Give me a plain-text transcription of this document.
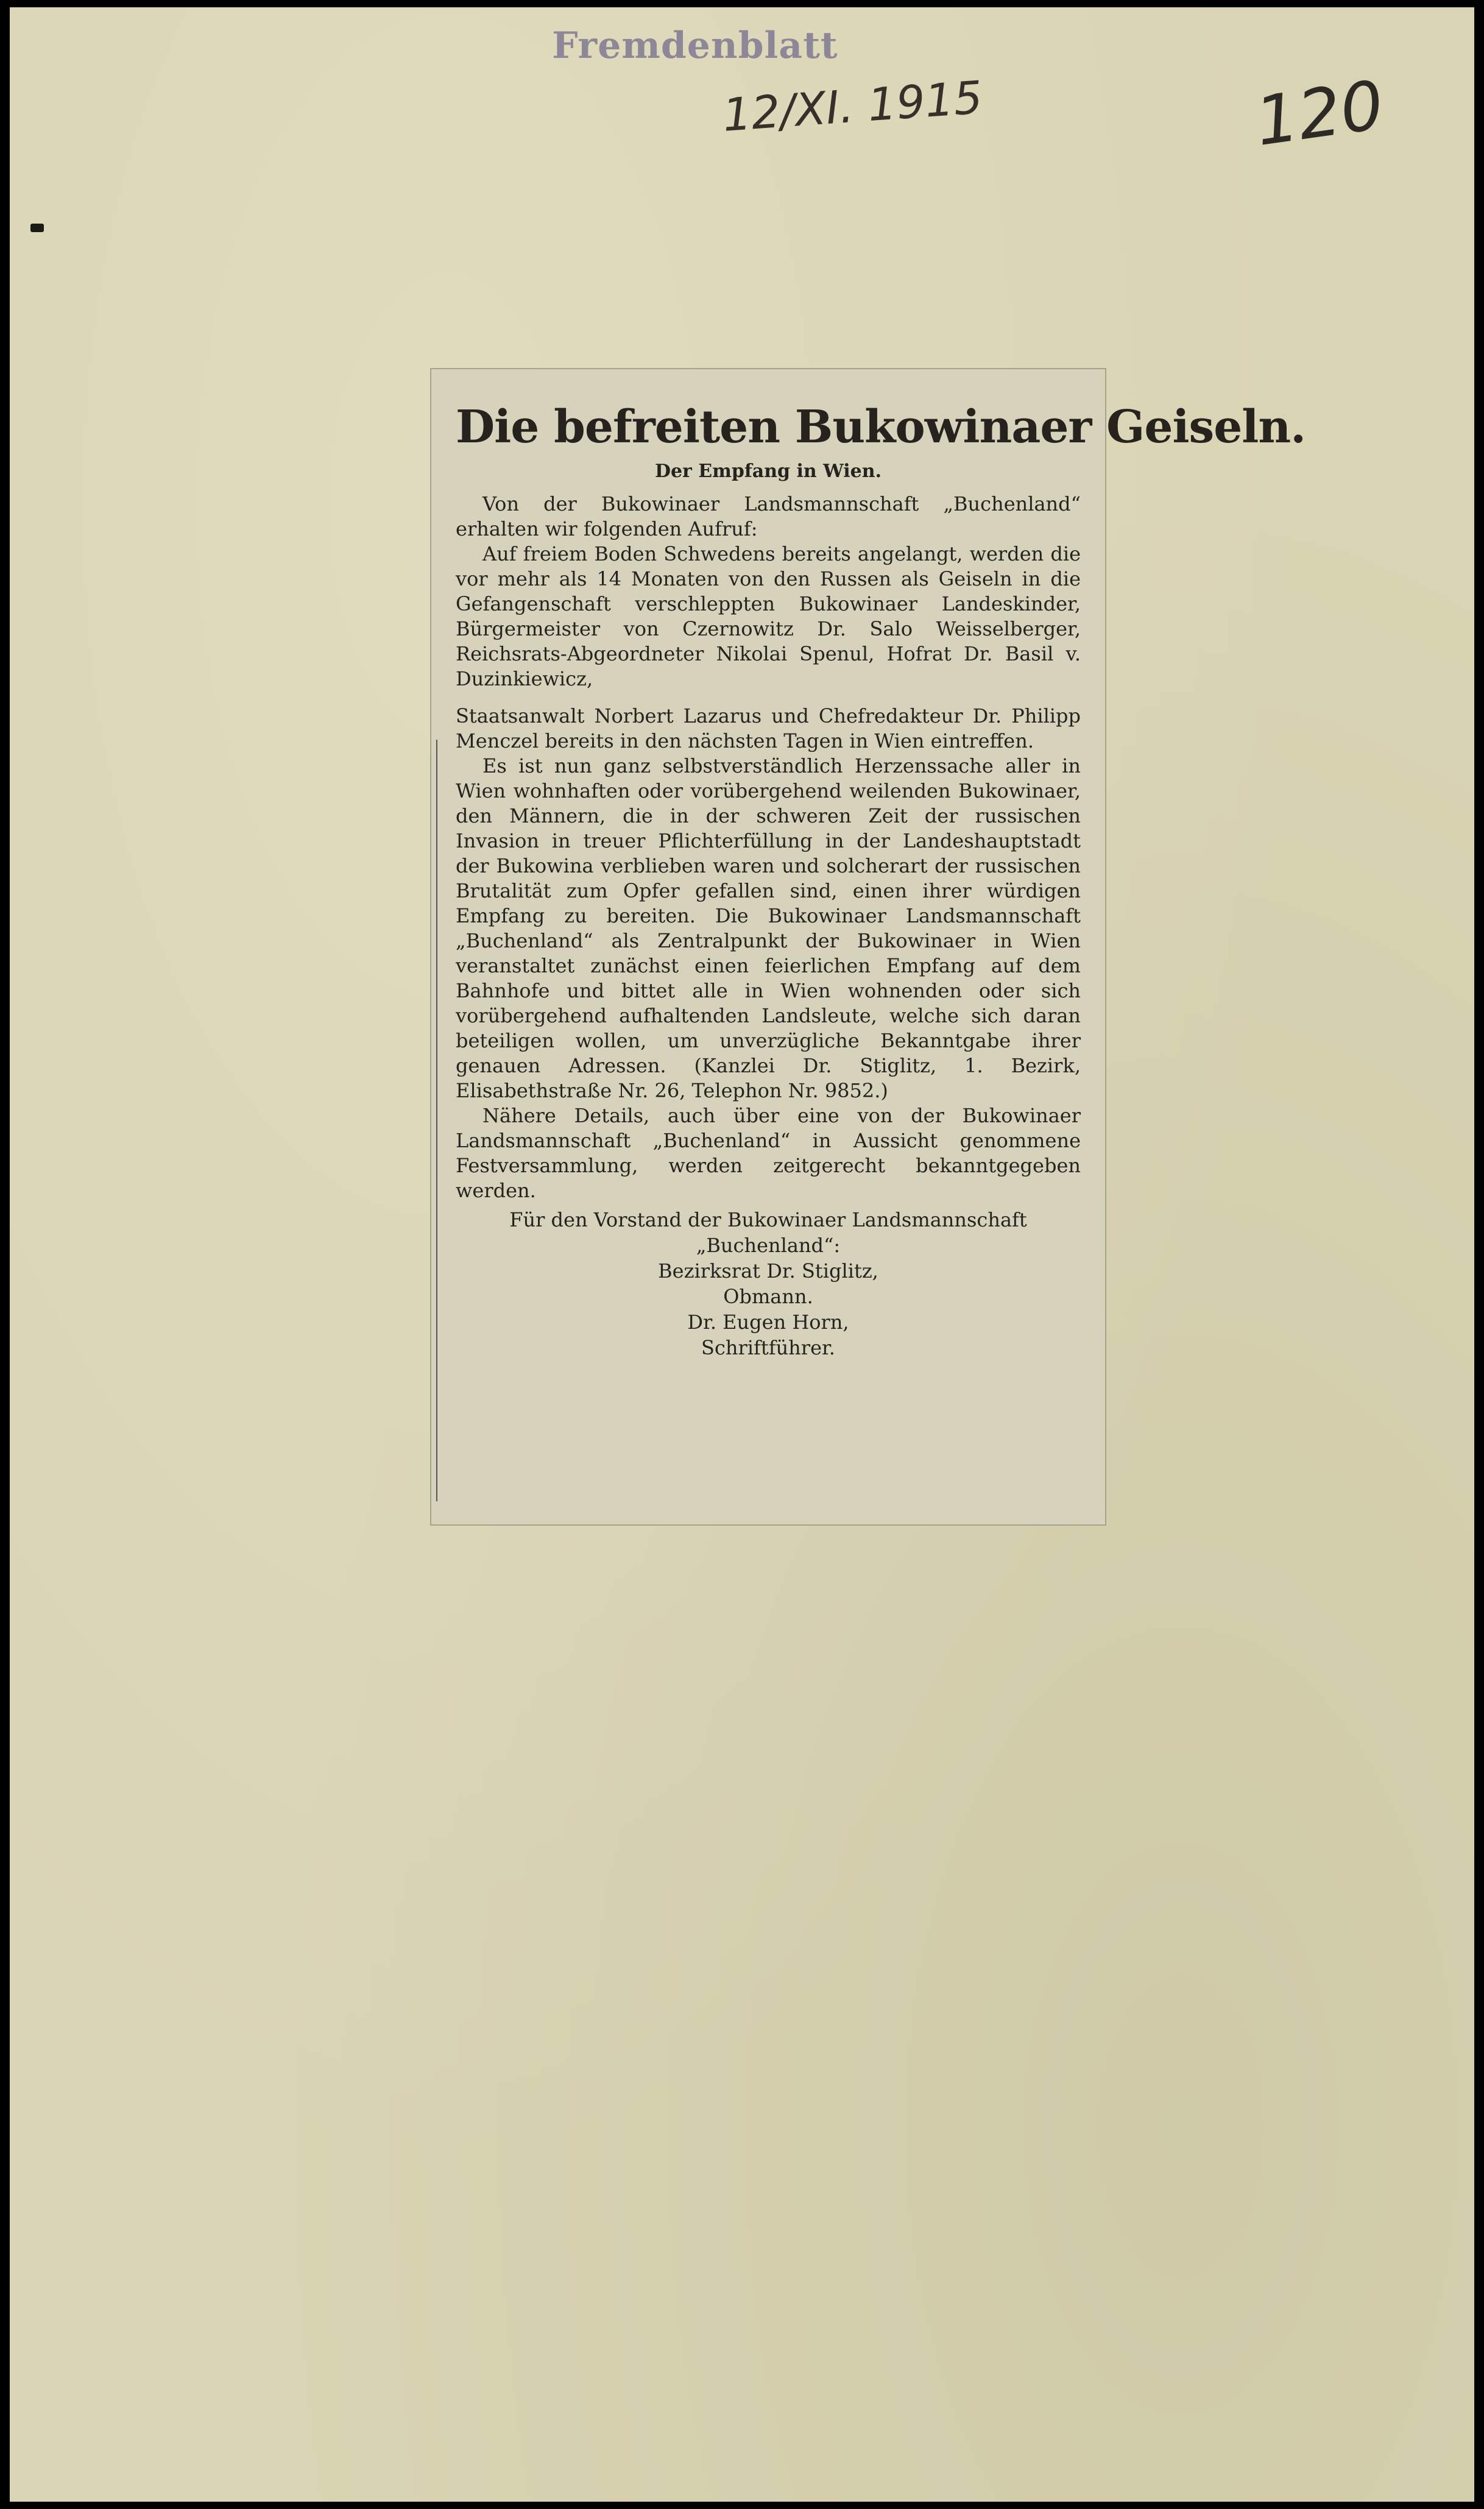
Fremdenblatt
12/XI. 1915	120
Die befreiten Bukowinaer Geiseln.
Der Empfang in Wien.

Von der Bukowinaer Landsmannschaft „Buchenland“ erhalten wir folgenden Aufruf:

Auf freiem Boden Schwedens bereits angelangt, werden die vor mehr als 14 Monaten von den Russen als Geiseln in die Gefangenschaft verschleppten Bukowinaer Landeskinder, Bürgermeister von Czernowitz Dr. Salo Weisselberger, Reichsrats-Abgeordneter Nikolai Spenul, Hofrat Dr. Basil v. Duzinkiewicz,

Staatsanwalt Norbert Lazarus und Chefredakteur Dr. Philipp Menczel bereits in den nächsten Tagen in Wien eintreffen.

Es ist nun ganz selbstverständlich Herzenssache aller in Wien wohnhaften oder vorübergehend weilenden Bukowinaer, den Männern, die in der schweren Zeit der russischen Invasion in treuer Pflichterfüllung in der Landeshauptstadt der Bukowina verblieben waren und solcherart der russischen Brutalität zum Opfer gefallen sind, einen ihrer würdigen Empfang zu bereiten. Die Bukowinaer Landsmannschaft „Buchenland“ als Zentralpunkt der Bukowinaer in Wien veranstaltet zunächst einen feierlichen Empfang auf dem Bahnhofe und bittet alle in Wien wohnenden oder sich vorübergehend aufhaltenden Landsleute, welche sich daran beteiligen wollen, um unverzügliche Bekanntgabe ihrer genauen Adressen. (Kanzlei Dr. Stiglitz, 1. Bezirk, Elisabethstraße Nr. 26, Telephon Nr. 9852.)

Nähere Details, auch über eine von der Bukowinaer Landsmannschaft „Buchenland“ in Aussicht genommene Festversammlung, werden zeitgerecht bekanntgegeben werden.

Für den Vorstand der Bukowinaer Landsmannschaft

„Buchenland“:

Bezirksrat Dr. Stiglitz,

Obmann.

Dr. Eugen Horn,

Schriftführer.
